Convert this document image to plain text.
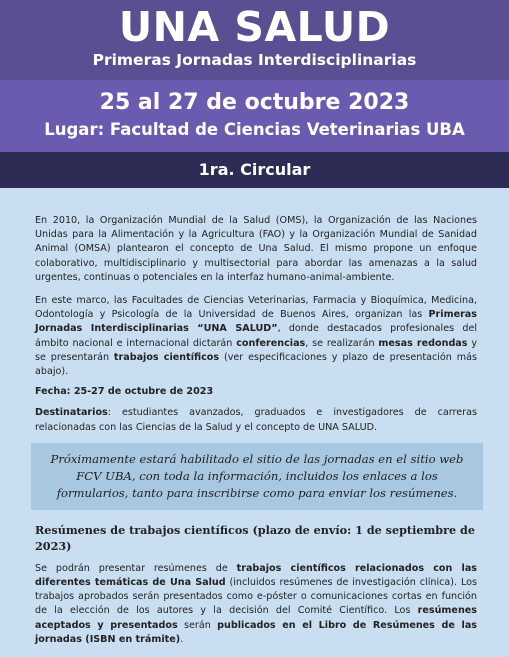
UNA SALUD
Primeras Jornadas Interdisciplinarias
25 al 27 de octubre 2023
Lugar: Facultad de Ciencias Veterinarias UBA
1ra. Circular

En 2010, la Organización Mundial de la Salud (OMS), la Organización de las Naciones Unidas para la Alimentación y la Agricultura (FAO) y la Organización Mundial de Sanidad Animal (OMSA) plantearon el concepto de Una Salud. El mismo propone un enfoque colaborativo, multidisciplinario y multisectorial para abordar las amenazas a la salud urgentes, continuas o potenciales en la interfaz humano-animal-ambiente.

En este marco, las Facultades de Ciencias Veterinarias, Farmacia y Bioquímica, Medicina, Odontología y Psicología de la Universidad de Buenos Aires, organizan las Primeras Jornadas Interdisciplinarias “UNA SALUD”, donde destacados profesionales del ámbito nacional e internacional dictarán conferencias, se realizarán mesas redondas y se presentarán trabajos científicos (ver especificaciones y plazo de presentación más abajo).

Fecha: 25-27 de octubre de 2023

Destinatarios: estudiantes avanzados, graduados e investigadores de carreras relacionadas con las Ciencias de la Salud y el concepto de UNA SALUD.

Próximamente estará habilitado el sitio de las jornadas en el sitio web FCV UBA, con toda la información, incluidos los enlaces a los formularios, tanto para inscribirse como para enviar los resúmenes.
Resúmenes de trabajos científicos (plazo de envío: 1 de septiembre de 2023)

Se podrán presentar resúmenes de trabajos científicos relacionados con las diferentes temáticas de Una Salud (incluidos resúmenes de investigación clínica). Los trabajos aprobados serán presentados como e-póster o comunicaciones cortas en función de la elección de los autores y la decisión del Comité Científico. Los resúmenes aceptados y presentados serán publicados en el Libro de Resúmenes de las jornadas (ISBN en trámite).
